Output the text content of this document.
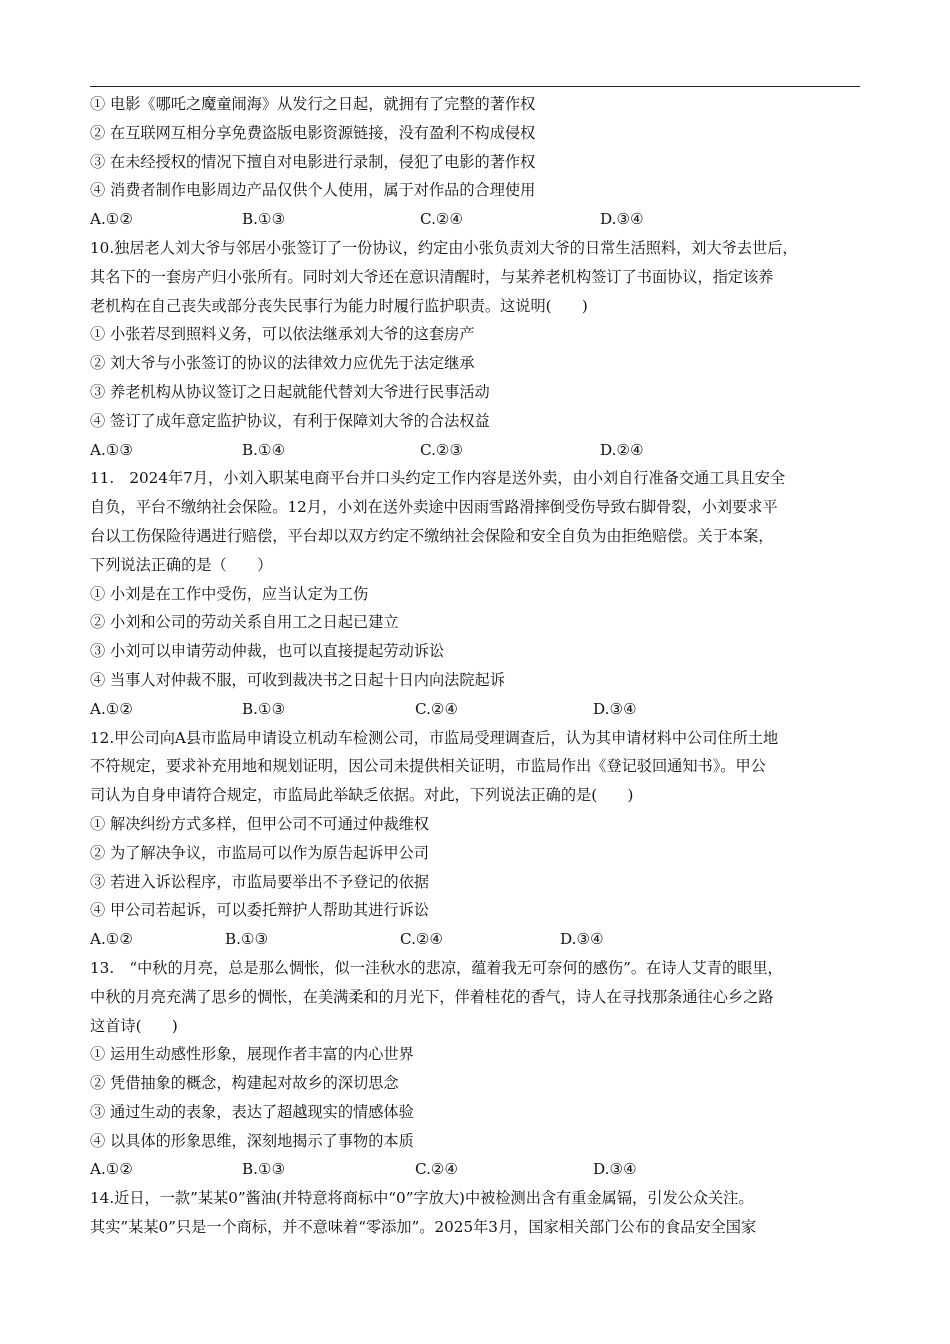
① 电影《哪吒之魔童闹海》从发行之日起，就拥有了完整的著作权
② 在互联网互相分享免费盗版电影资源链接，没有盈利不构成侵权
③ 在未经授权的情况下擅自对电影进行录制，侵犯了电影的著作权
④ 消费者制作电影周边产品仅供个人使用，属于对作品的合理使用
A.①②	B.①③	C.②④	D.③④
10.独居老人刘大爷与邻居小张签订了一份协议，约定由小张负责刘大爷的日常生活照料，刘大爷去世后，
其名下的一套房产归小张所有。同时刘大爷还在意识清醒时，与某养老机构签订了书面协议，指定该养
老机构在自己丧失或部分丧失民事行为能力时履行监护职责。这说明(　　)
① 小张若尽到照料义务，可以依法继承刘大爷的这套房产
② 刘大爷与小张签订的协议的法律效力应优先于法定继承
③ 养老机构从协议签订之日起就能代替刘大爷进行民事活动
④ 签订了成年意定监护协议，有利于保障刘大爷的合法权益
A.①③	B.①④	C.②③	D.②④
11.　2024年7月，小刘入职某电商平台并口头约定工作内容是送外卖，由小刘自行准备交通工具且安全
自负，平台不缴纳社会保险。12月，小刘在送外卖途中因雨雪路滑摔倒受伤导致右脚骨裂，小刘要求平
台以工伤保险待遇进行赔偿，平台却以双方约定不缴纳社会保险和安全自负为由拒绝赔偿。关于本案，
下列说法正确的是（　　）
① 小刘是在工作中受伤，应当认定为工伤
② 小刘和公司的劳动关系自用工之日起已建立
③ 小刘可以申请劳动仲裁，也可以直接提起劳动诉讼
④ 当事人对仲裁不服，可收到裁决书之日起十日内向法院起诉
A.①②	B.①③	C.②④	D.③④
12.甲公司向A县市监局申请设立机动车检测公司，市监局受理调查后，认为其申请材料中公司住所土地
不符规定，要求补充用地和规划证明，因公司未提供相关证明，市监局作出《登记驳回通知书》。甲公
司认为自身申请符合规定，市监局此举缺乏依据。对此，下列说法正确的是(　　)
① 解决纠纷方式多样，但甲公司不可通过仲裁维权
② 为了解决争议，市监局可以作为原告起诉甲公司
③ 若进入诉讼程序，市监局要举出不予登记的依据
④ 甲公司若起诉，可以委托辩护人帮助其进行诉讼
A.①②	B.①③	C.②④	D.③④
13.　“中秋的月亮，总是那么惆怅，似一洼秋水的悲凉，蕴着我无可奈何的感伤”。在诗人艾青的眼里，
中秋的月亮充满了思乡的惆怅，在美满柔和的月光下，伴着桂花的香气，诗人在寻找那条通往心乡之路
这首诗(　　)
① 运用生动感性形象，展现作者丰富的内心世界
② 凭借抽象的概念，构建起对故乡的深切思念
③ 通过生动的表象，表达了超越现实的情感体验
④ 以具体的形象思维，深刻地揭示了事物的本质
A.①②	B.①③	C.②④	D.③④
14.近日，一款”某某0”酱油(并特意将商标中“0”字放大)中被检测出含有重金属镉，引发公众关注。
其实”某某0”只是一个商标，并不意味着“零添加”。2025年3月，国家相关部门公布的食品安全国家
